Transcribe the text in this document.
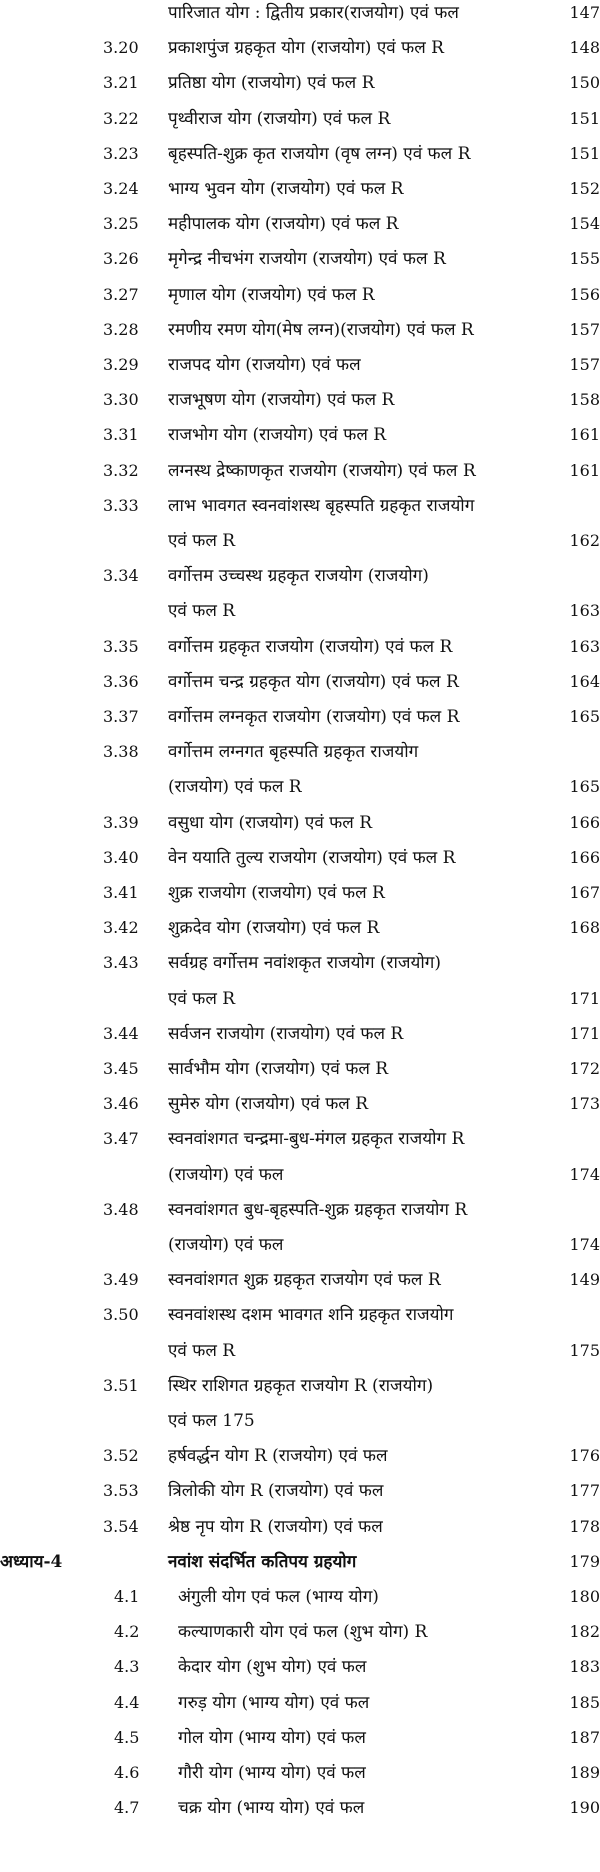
पारिजात योग : द्वितीय प्रकार(राजयोग) एवं फल	147
3.20	प्रकाशपुंज ग्रहकृत योग (राजयोग) एवं फल R	148
3.21	प्रतिष्ठा योग (राजयोग) एवं फल R	150
3.22	पृथ्वीराज योग (राजयोग) एवं फल R	151
3.23	बृहस्पति-शुक्र कृत राजयोग (वृष लग्न) एवं फल R	151
3.24	भाग्य भुवन योग (राजयोग) एवं फल R	152
3.25	महीपालक योग (राजयोग) एवं फल R	154
3.26	मृगेन्द्र नीचभंग राजयोग (राजयोग) एवं फल R	155
3.27	मृणाल योग (राजयोग) एवं फल R	156
3.28	रमणीय रमण योग(मेष लग्न)(राजयोग) एवं फल R	157
3.29	राजपद योग (राजयोग) एवं फल	157
3.30	राजभूषण योग (राजयोग) एवं फल R	158
3.31	राजभोग योग (राजयोग) एवं फल R	161
3.32	लग्नस्थ द्रेष्काणकृत राजयोग (राजयोग) एवं फल R	161
3.33	लाभ भावगत स्वनवांशस्थ बृहस्पति ग्रहकृत राजयोग
एवं फल R	162
3.34	वर्गोत्तम उच्चस्थ ग्रहकृत राजयोग (राजयोग)
एवं फल R	163
3.35	वर्गोत्तम ग्रहकृत राजयोग (राजयोग) एवं फल R	163
3.36	वर्गोत्तम चन्द्र ग्रहकृत योग (राजयोग) एवं फल R	164
3.37	वर्गोत्तम लग्नकृत राजयोग (राजयोग) एवं फल R	165
3.38	वर्गोत्तम लग्नगत बृहस्पति ग्रहकृत राजयोग
(राजयोग) एवं फल R	165
3.39	वसुधा योग (राजयोग) एवं फल R	166
3.40	वेन ययाति तुल्य राजयोग (राजयोग) एवं फल R	166
3.41	शुक्र राजयोग (राजयोग) एवं फल R	167
3.42	शुक्रदेव योग (राजयोग) एवं फल R	168
3.43	सर्वग्रह वर्गोत्तम नवांशकृत राजयोग (राजयोग)
एवं फल R	171
3.44	सर्वजन राजयोग (राजयोग) एवं फल R	171
3.45	सार्वभौम योग (राजयोग) एवं फल R	172
3.46	सुमेरु योग (राजयोग) एवं फल R	173
3.47	स्वनवांशगत चन्द्रमा-बुध-मंगल ग्रहकृत राजयोग R
(राजयोग) एवं फल	174
3.48	स्वनवांशगत बुध-बृहस्पति-शुक्र ग्रहकृत राजयोग R
(राजयोग) एवं फल	174
3.49	स्वनवांशगत शुक्र ग्रहकृत राजयोग एवं फल R	149
3.50	स्वनवांशस्थ दशम भावगत शनि ग्रहकृत राजयोग
एवं फल R	175
3.51	स्थिर राशिगत ग्रहकृत राजयोग R (राजयोग)
एवं फल 175
3.52	हर्षवर्द्धन योग R (राजयोग) एवं फल	176
3.53	त्रिलोकी योग R (राजयोग) एवं फल	177
3.54	श्रेष्ठ नृप योग R (राजयोग) एवं फल	178
अध्याय-4	नवांश संदर्भित कतिपय ग्रहयोग	179
4.1	अंगुली योग एवं फल (भाग्य योग)	180
4.2	कल्याणकारी योग एवं फल (शुभ योग) R	182
4.3	केदार योग (शुभ योग) एवं फल	183
4.4	गरुड़ योग (भाग्य योग) एवं फल	185
4.5	गोल योग (भाग्य योग) एवं फल	187
4.6	गौरी योग (भाग्य योग) एवं फल	189
4.7	चक्र योग (भाग्य योग) एवं फल	190
